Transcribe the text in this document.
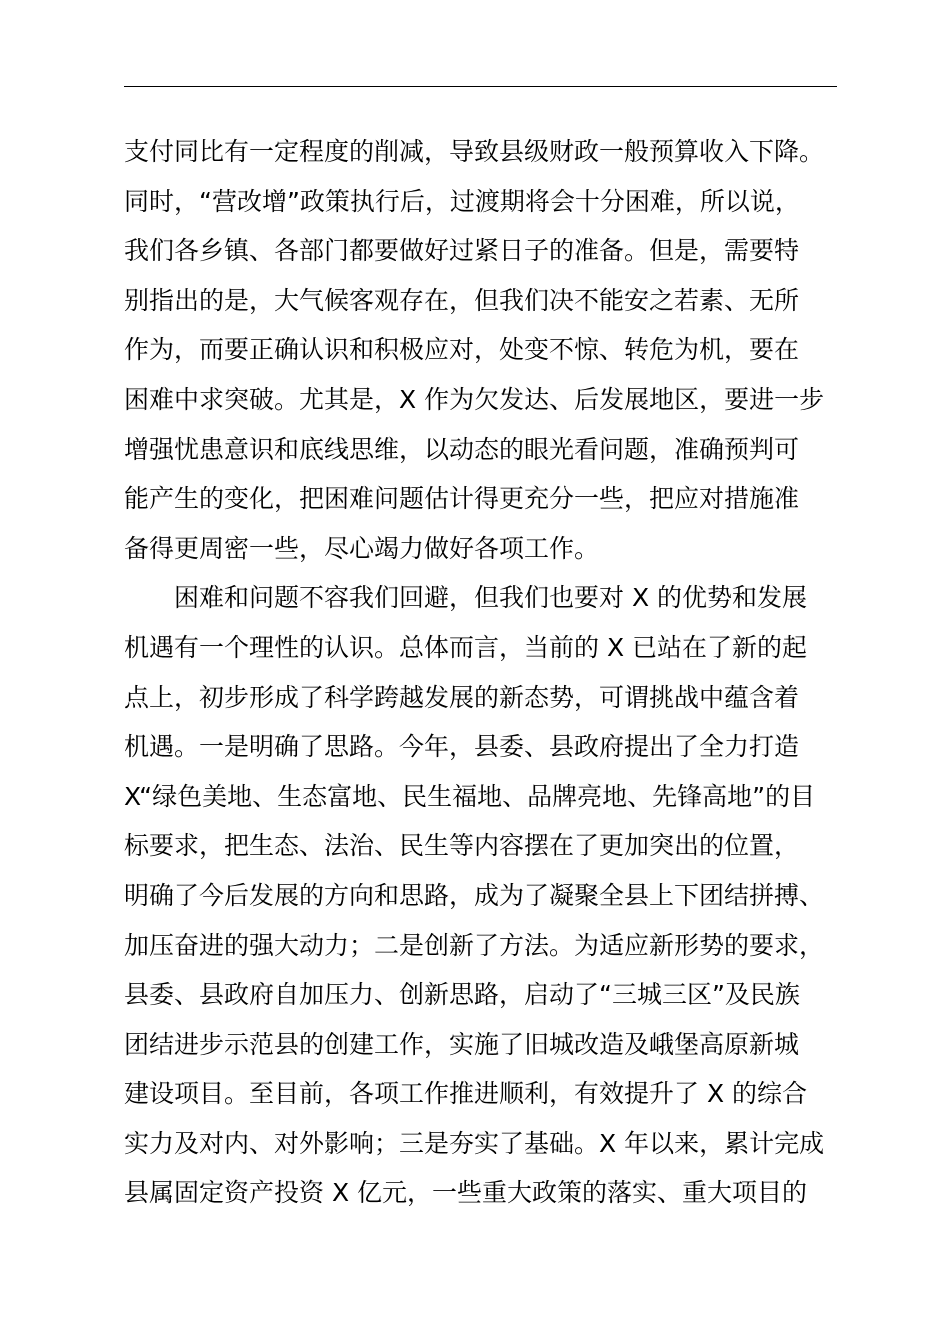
支付同比有一定程度的削减，导致县级财政一般预算收入下降。
同时，“营改增”政策执行后，过渡期将会十分困难，所以说，
我们各乡镇、各部门都要做好过紧日子的准备。但是，需要特
别指出的是，大气候客观存在，但我们决不能安之若素、无所
作为，而要正确认识和积极应对，处变不惊、转危为机，要在
困难中求突破。尤其是，X 作为欠发达、后发展地区，要进一步
增强忧患意识和底线思维，以动态的眼光看问题，准确预判可
能产生的变化，把困难问题估计得更充分一些，把应对措施准
备得更周密一些，尽心竭力做好各项工作。
困难和问题不容我们回避，但我们也要对 X 的优势和发展
机遇有一个理性的认识。总体而言，当前的 X 已站在了新的起
点上，初步形成了科学跨越发展的新态势，可谓挑战中蕴含着
机遇。一是明确了思路。今年，县委、县政府提出了全力打造
X“绿色美地、生态富地、民生福地、品牌亮地、先锋高地”的目
标要求，把生态、法治、民生等内容摆在了更加突出的位置，
明确了今后发展的方向和思路，成为了凝聚全县上下团结拼搏、
加压奋进的强大动力；二是创新了方法。为适应新形势的要求，
县委、县政府自加压力、创新思路，启动了“三城三区”及民族
团结进步示范县的创建工作，实施了旧城改造及峨堡高原新城
建设项目。至目前，各项工作推进顺利，有效提升了 X 的综合
实力及对内、对外影响；三是夯实了基础。X 年以来，累计完成
县属固定资产投资 X 亿元，一些重大政策的落实、重大项目的
